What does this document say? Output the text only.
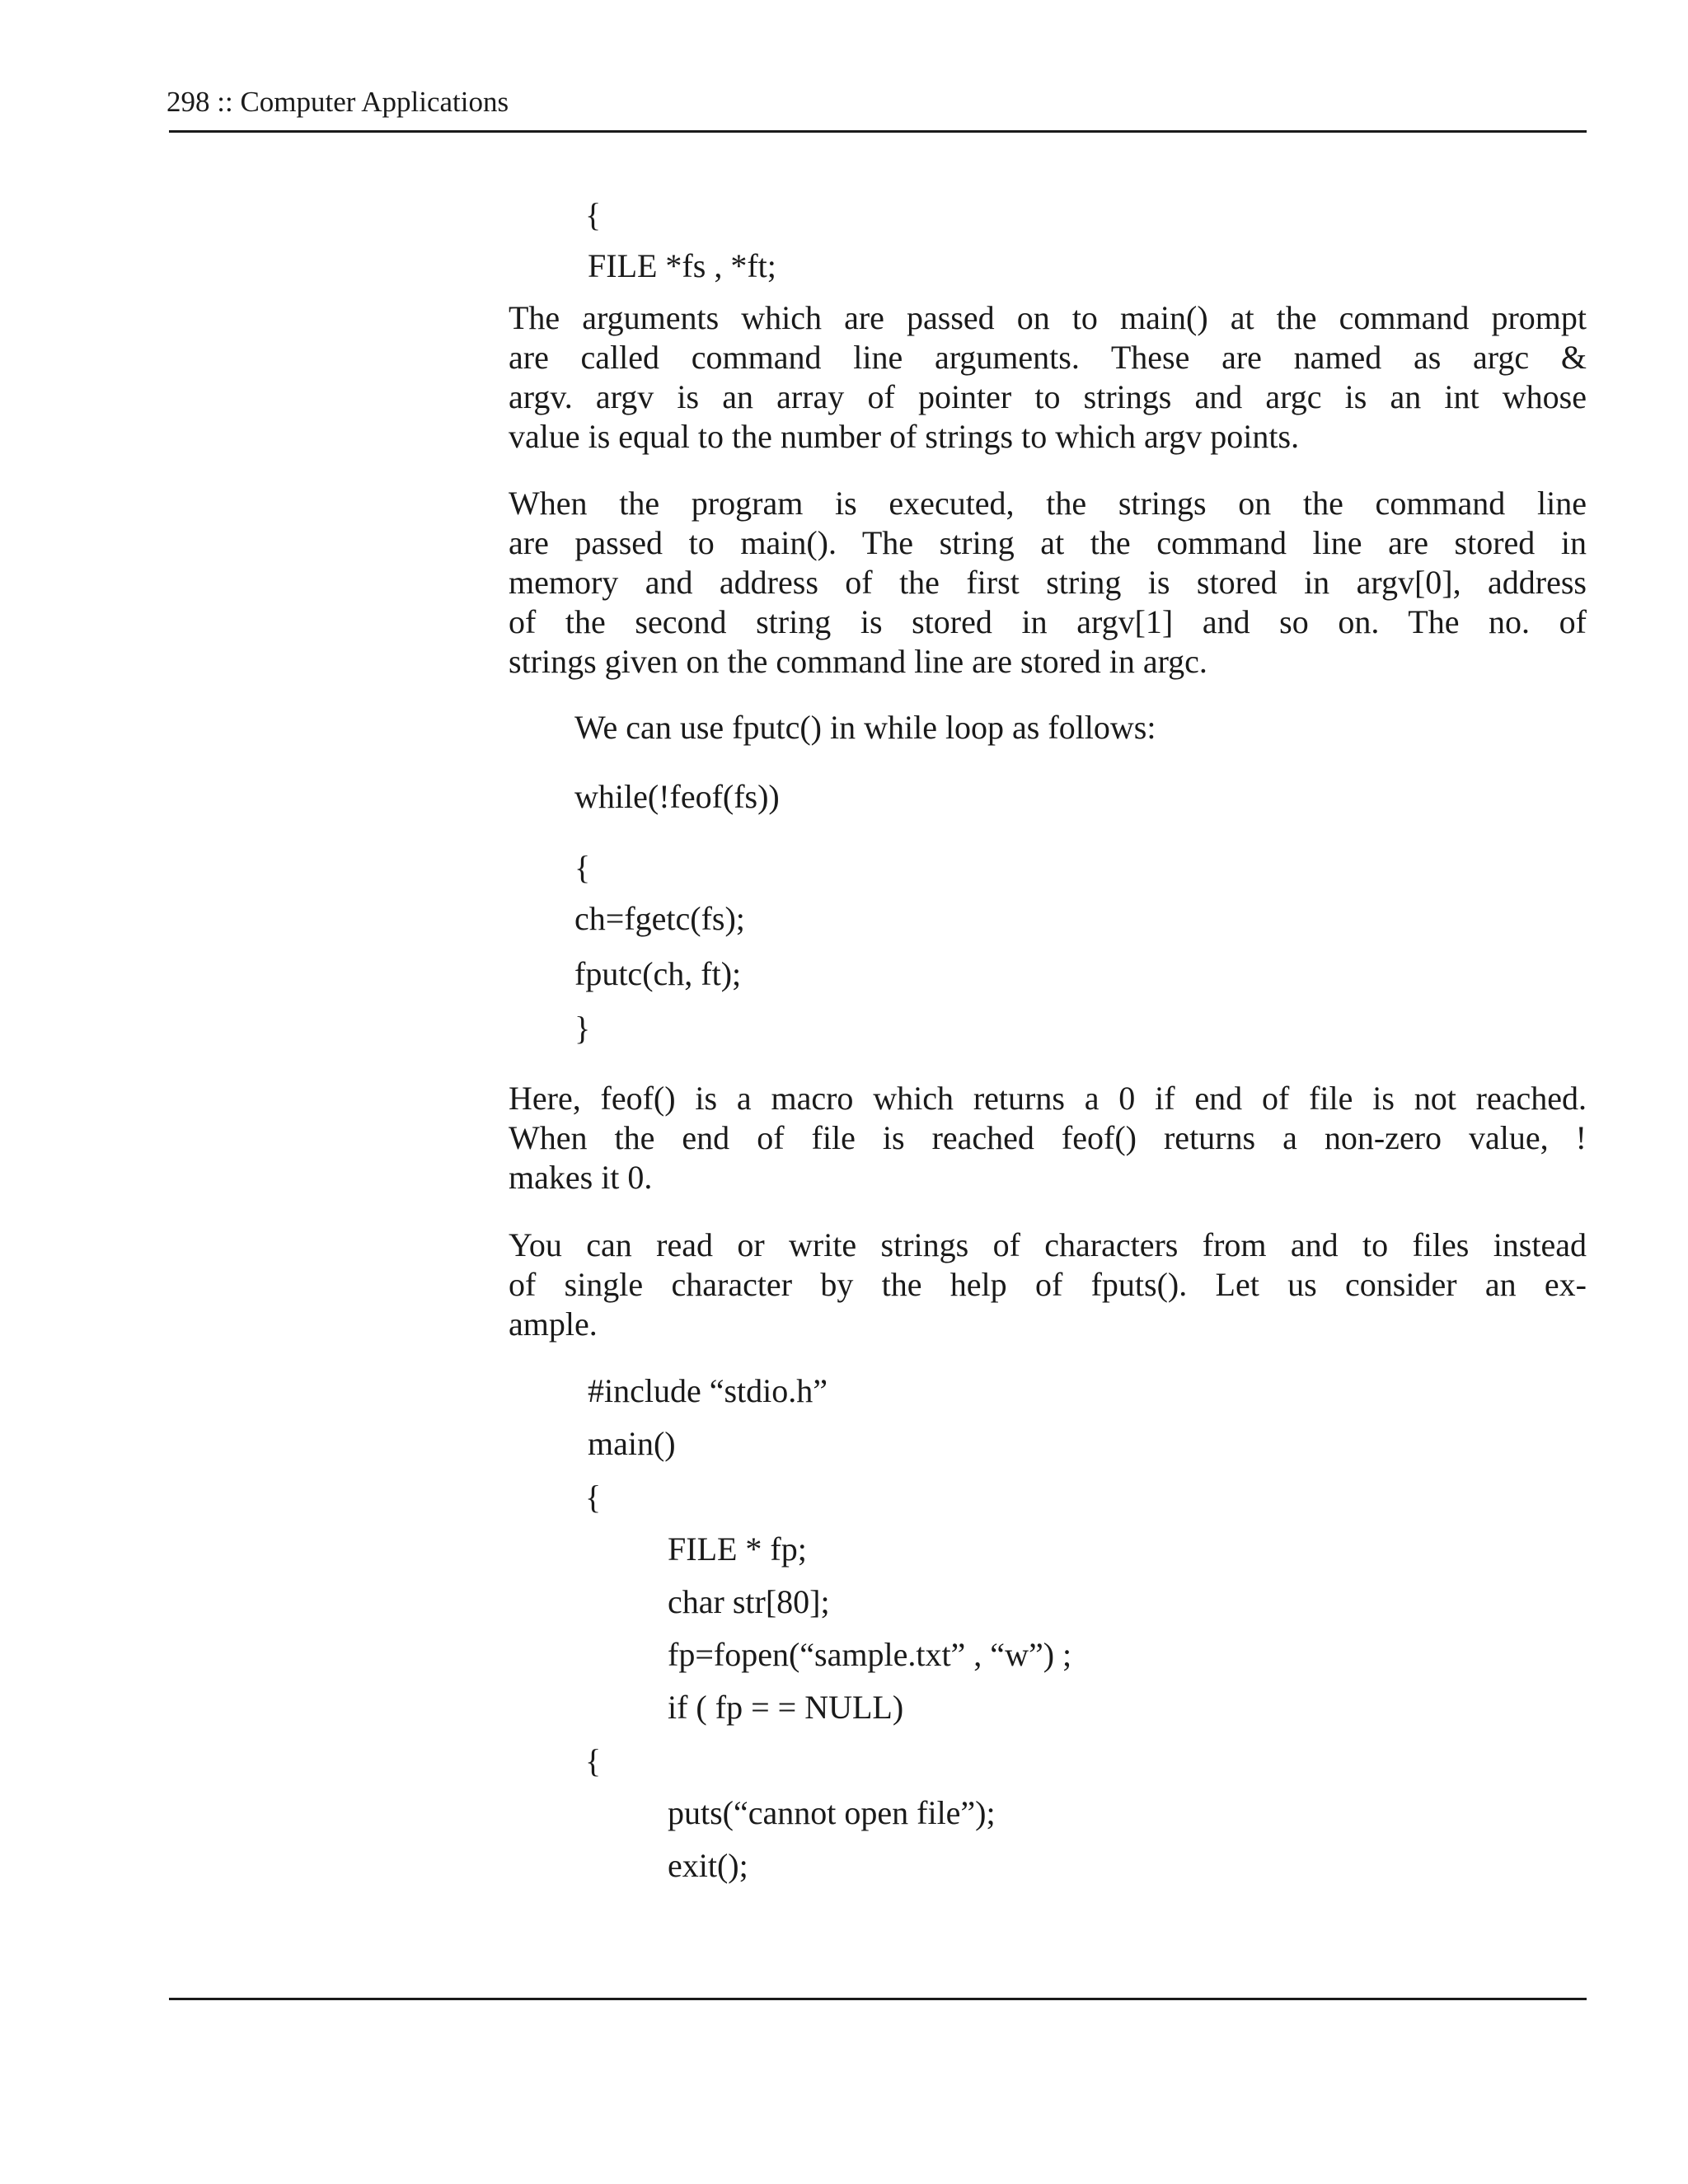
298 :: Computer Applications
{
FILE *fs , *ft;
The arguments which are passed on to main() at the command prompt
are called command line arguments. These are named as argc &
argv. argv is an array of pointer to strings and argc is an int whose
value is equal to the number of strings to which argv points.
When the program is executed, the strings on the command line
are passed to main(). The string at the command line are stored in
memory and address of the first string is stored in argv[0], address
of the second string is stored in argv[1] and so on. The no. of
strings given on the command line are stored in argc.
We can use fputc() in while loop as follows:
while(!feof(fs))
{
ch=fgetc(fs);
fputc(ch, ft);
}
Here, feof() is a macro which returns a 0 if end of file is not reached.
When the end of file is reached feof() returns a non-zero value, !
makes it 0.
You can read or write strings of characters from and to files instead
of single character by the help of fputs(). Let us consider an ex-
ample.
#include “stdio.h”
main()
{
FILE * fp;
char str[80];
fp=fopen(“sample.txt” , “w”) ;
if ( fp = = NULL)
{
puts(“cannot open file”);
exit();
